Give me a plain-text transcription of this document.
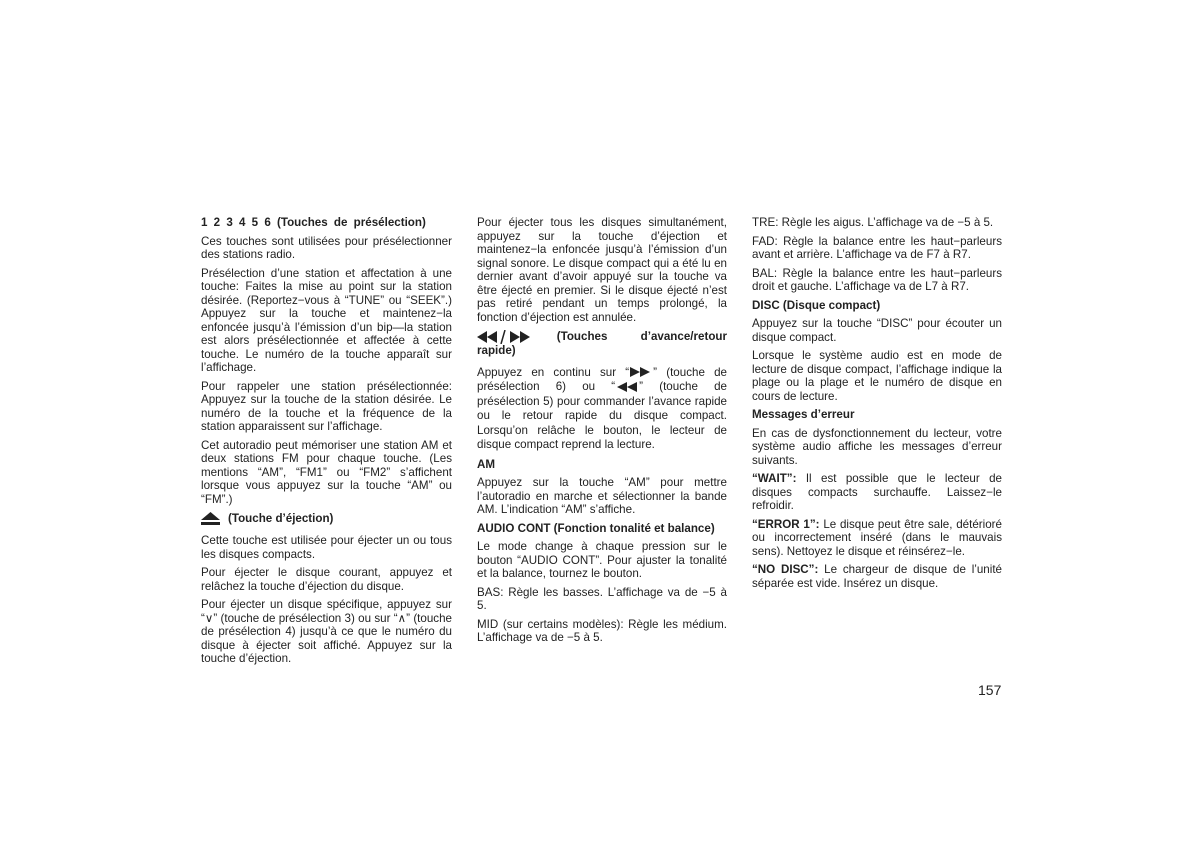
1 2 3 4 5 6 (Touches de présélection)

Ces touches sont utilisées pour présélectionner des stations radio.

Présélection d’une station et affectation à une touche: Faites la mise au point sur la station désirée. (Reportez−vous à “TUNE” ou “SEEK”.) Appuyez sur la touche et maintenez−la enfoncée jusqu’à l’émission d’un bip—la station est alors présélectionnée et affectée à cette touche. Le numéro de la touche apparaît sur l’affichage.

Pour rappeler une station présélectionnée: Appuyez sur la touche de la station désirée. Le numéro de la touche et la fréquence de la station apparaissent sur l’affichage.

Cet autoradio peut mémoriser une station AM et deux stations FM pour chaque touche. (Les mentions “AM”, “FM1” ou “FM2” s’affichent lorsque vous appuyez sur la touche “AM” ou “FM”.)

(Touche d’éjection)

Cette touche est utilisée pour éjecter un ou tous les disques compacts.

Pour éjecter le disque courant, appuyez et relâchez la touche d’éjection du disque.

Pour éjecter un disque spécifique, appuyez sur “∨” (touche de présélection 3) ou sur “∧” (touche de présélection 4) jusqu’à ce que le numéro du disque à éjecter soit affiché. Appuyez sur la touche d’éjection.

Pour éjecter tous les disques simultanément, appuyez sur la touche d’éjection et maintenez−la enfoncée jusqu’à l’émission d’un signal sonore. Le disque compact qui a été lu en dernier avant d’avoir appuyé sur la touche va être éjecté en premier. Si le disque éjecté n’est pas retiré pendant un temps prolongé, la fonction d’éjection est annulée.

(Touches d’avance/retour
rapide)

Appuyez en continu sur “ ” (touche de présélection 6) ou “ ” (touche de présélection 5) pour commander l’avance rapide ou le retour rapide du disque compact. Lorsqu’on relâche le bouton, le lecteur de disque compact reprend la lecture.

AM

Appuyez sur la touche “AM” pour mettre l’autoradio en marche et sélectionner la bande AM. L’indication “AM” s’affiche.

AUDIO CONT (Fonction tonalité et balance)

Le mode change à chaque pression sur le bouton “AUDIO CONT”. Pour ajuster la tonalité et la balance, tournez le bouton.

BAS: Règle les basses. L’affichage va de −5 à 5.

MID (sur certains modèles): Règle les médium. L’affichage va de −5 à 5.

TRE: Règle les aigus. L’affichage va de −5 à 5.

FAD: Règle la balance entre les haut−parleurs avant et arrière. L’affichage va de F7 à R7.

BAL: Règle la balance entre les haut−parleurs droit et gauche. L’affichage va de L7 à R7.

DISC (Disque compact)

Appuyez sur la touche “DISC” pour écouter un disque compact.

Lorsque le système audio est en mode de lecture de disque compact, l’affichage indique la plage ou la plage et le numéro de disque en cours de lecture.

Messages d’erreur

En cas de dysfonctionnement du lecteur, votre système audio affiche les messages d’erreur suivants.

“WAIT”: Il est possible que le lecteur de disques compacts surchauffe. Laissez−le refroidir.

“ERROR 1”: Le disque peut être sale, détérioré ou incorrectement inséré (dans le mauvais sens). Nettoyez le disque et réinsérez−le.

“NO DISC”: Le chargeur de disque de l’unité séparée est vide. Insérez un disque.

157
